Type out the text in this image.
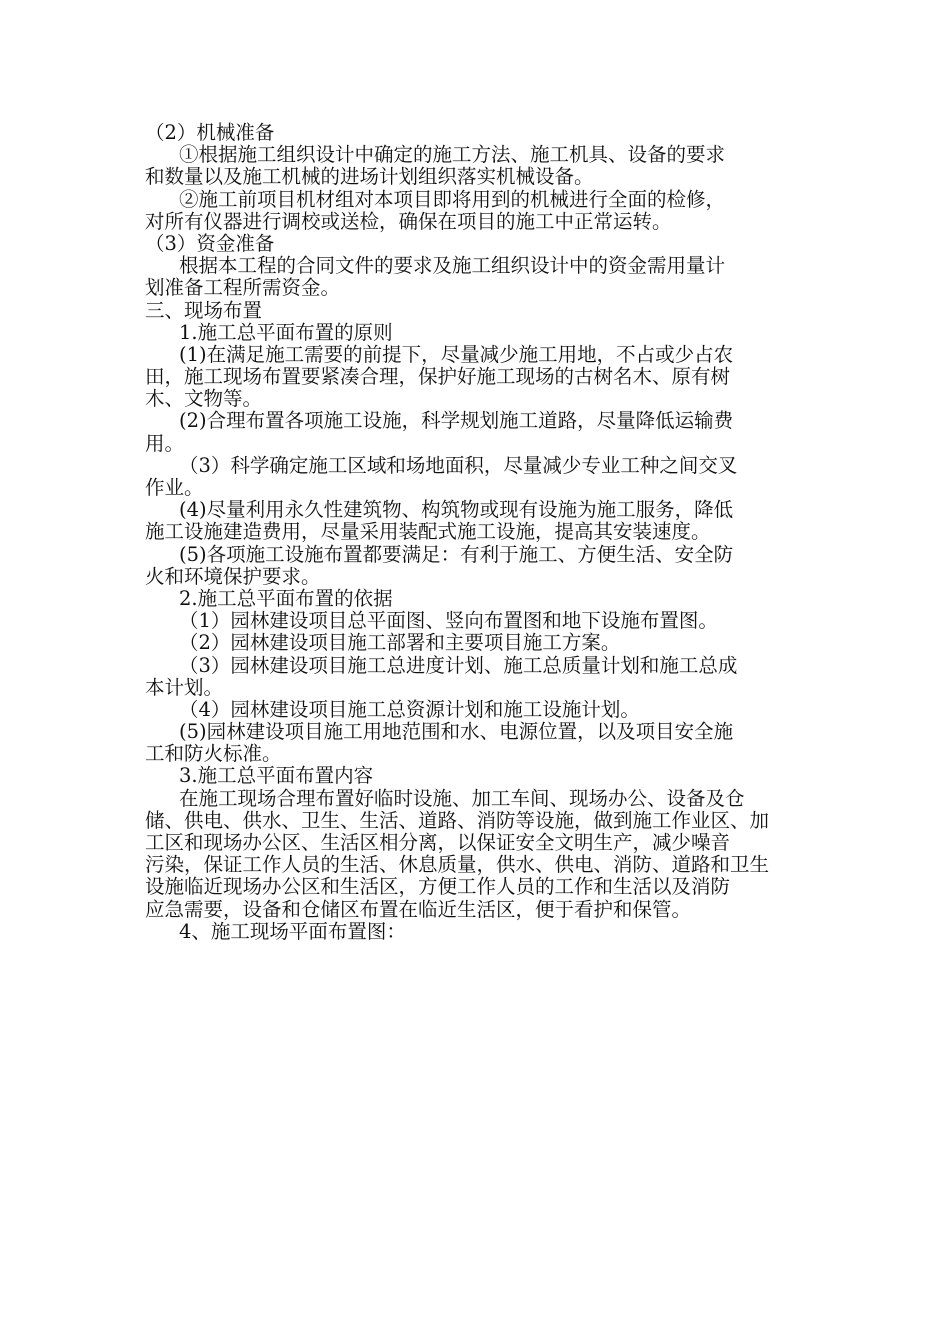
（2）机械准备
①根据施工组织设计中确定的施工方法、施工机具、设备的要求
和数量以及施工机械的进场计划组织落实机械设备。
②施工前项目机材组对本项目即将用到的机械进行全面的检修，
对所有仪器进行调校或送检，确保在项目的施工中正常运转。
（3）资金准备
根据本工程的合同文件的要求及施工组织设计中的资金需用量计
划准备工程所需资金。
三、现场布置
1.施工总平面布置的原则
(1)在满足施工需要的前提下，尽量减少施工用地，不占或少占农
田，施工现场布置要紧凑合理，保护好施工现场的古树名木、原有树
木、文物等。
(2)合理布置各项施工设施，科学规划施工道路，尽量降低运输费
用。
（3）科学确定施工区域和场地面积，尽量减少专业工种之间交叉
作业。
(4)尽量利用永久性建筑物、构筑物或现有设施为施工服务，降低
施工设施建造费用，尽量采用装配式施工设施，提高其安装速度。
(5)各项施工设施布置都要满足：有利于施工、方便生活、安全防
火和环境保护要求。
2.施工总平面布置的依据
（1）园林建设项目总平面图、竖向布置图和地下设施布置图。
（2）园林建设项目施工部署和主要项目施工方案。
（3）园林建设项目施工总进度计划、施工总质量计划和施工总成
本计划。
（4）园林建设项目施工总资源计划和施工设施计划。
(5)园林建设项目施工用地范围和水、电源位置，以及项目安全施
工和防火标准。
3.施工总平面布置内容
在施工现场合理布置好临时设施、加工车间、现场办公、设备及仓
储、供电、供水、卫生、生活、道路、消防等设施，做到施工作业区、加
工区和现场办公区、生活区相分离，以保证安全文明生产，减少噪音
污染，保证工作人员的生活、休息质量，供水、供电、消防、道路和卫生
设施临近现场办公区和生活区，方便工作人员的工作和生活以及消防
应急需要，设备和仓储区布置在临近生活区，便于看护和保管。
4、施工现场平面布置图：
